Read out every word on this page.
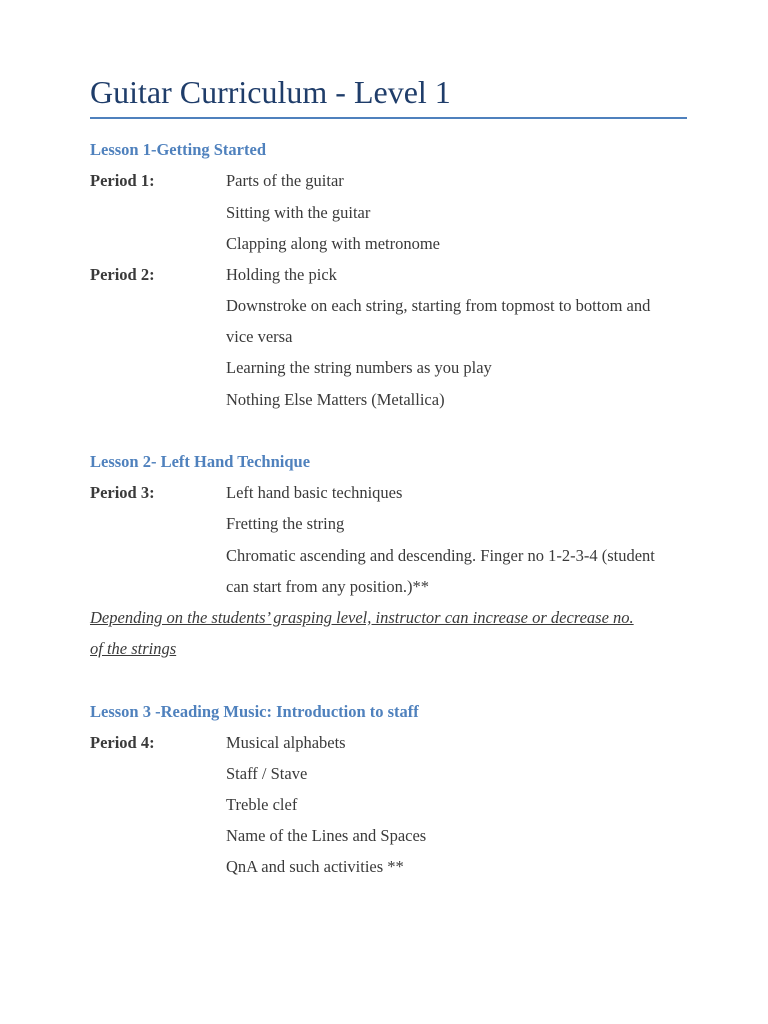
Guitar Curriculum - Level 1
Lesson 1-Getting Started
Period 1:	Parts of the guitar
Sitting with the guitar
Clapping along with metronome
Period 2:	Holding the pick
Downstroke on each string, starting from topmost to bottom and
vice versa
Learning the string numbers as you play
Nothing Else Matters (Metallica)
Lesson 2- Left Hand Technique
Period 3:	Left hand basic techniques
Fretting the string
Chromatic ascending and descending. Finger no 1-2-3-4 (student
can start from any position.)**
Depending on the students’ grasping level, instructor can increase or decrease no.
of the strings
Lesson 3 -Reading Music: Introduction to staff
Period 4:	Musical alphabets
Staff / Stave
Treble clef
Name of the Lines and Spaces
QnA and such activities **
